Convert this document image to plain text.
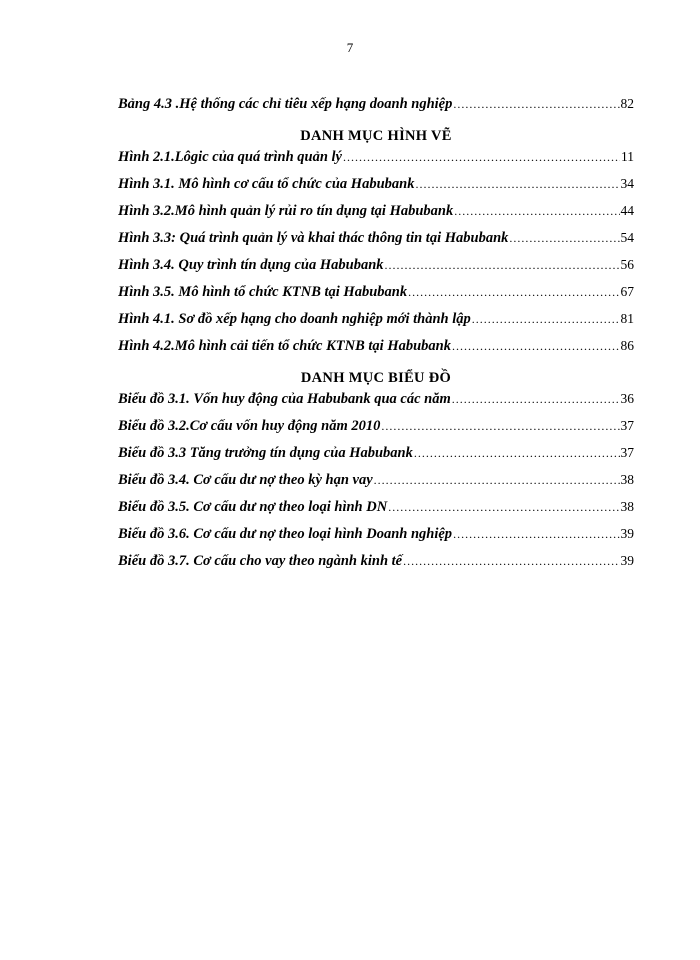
7
Bảng 4.3 .Hệ thống các chỉ tiêu xếp hạng doanh nghiệp .....	82
DANH MỤC HÌNH VẼ
Hình 2.1.Lôgic của quá trình quản lý .....	11
Hình 3.1. Mô hình cơ cấu tổ chức của Habubank .....	34
Hình 3.2.Mô hình quản lý rủi ro tín dụng tại Habubank .....	44
Hình 3.3: Quá trình quản lý và khai thác thông tin tại Habubank .....	54
Hình 3.4. Quy trình tín dụng của Habubank .....	56
Hình 3.5. Mô hình tổ chức KTNB tại Habubank .....	67
Hình 4.1. Sơ đồ xếp hạng cho doanh nghiệp mới thành lập .....	81
Hình 4.2.Mô hình cải tiến tổ chức KTNB tại Habubank .....	86
DANH MỤC BIỂU ĐỒ
Biểu đồ 3.1. Vốn huy động của Habubank qua các năm .....	36
Biểu đồ 3.2.Cơ cấu vốn huy động năm 2010 .....	37
Biểu đồ 3.3 Tăng trưởng tín dụng của Habubank .....	37
Biểu đồ 3.4. Cơ cấu dư nợ theo kỳ hạn vay .....	38
Biểu đồ 3.5. Cơ cấu dư nợ theo loại hình DN .....	38
Biểu đồ 3.6. Cơ cấu dư nợ theo loại hình Doanh nghiệp .....	39
Biểu đồ 3.7. Cơ cấu cho vay theo ngành kinh tế .....	39
